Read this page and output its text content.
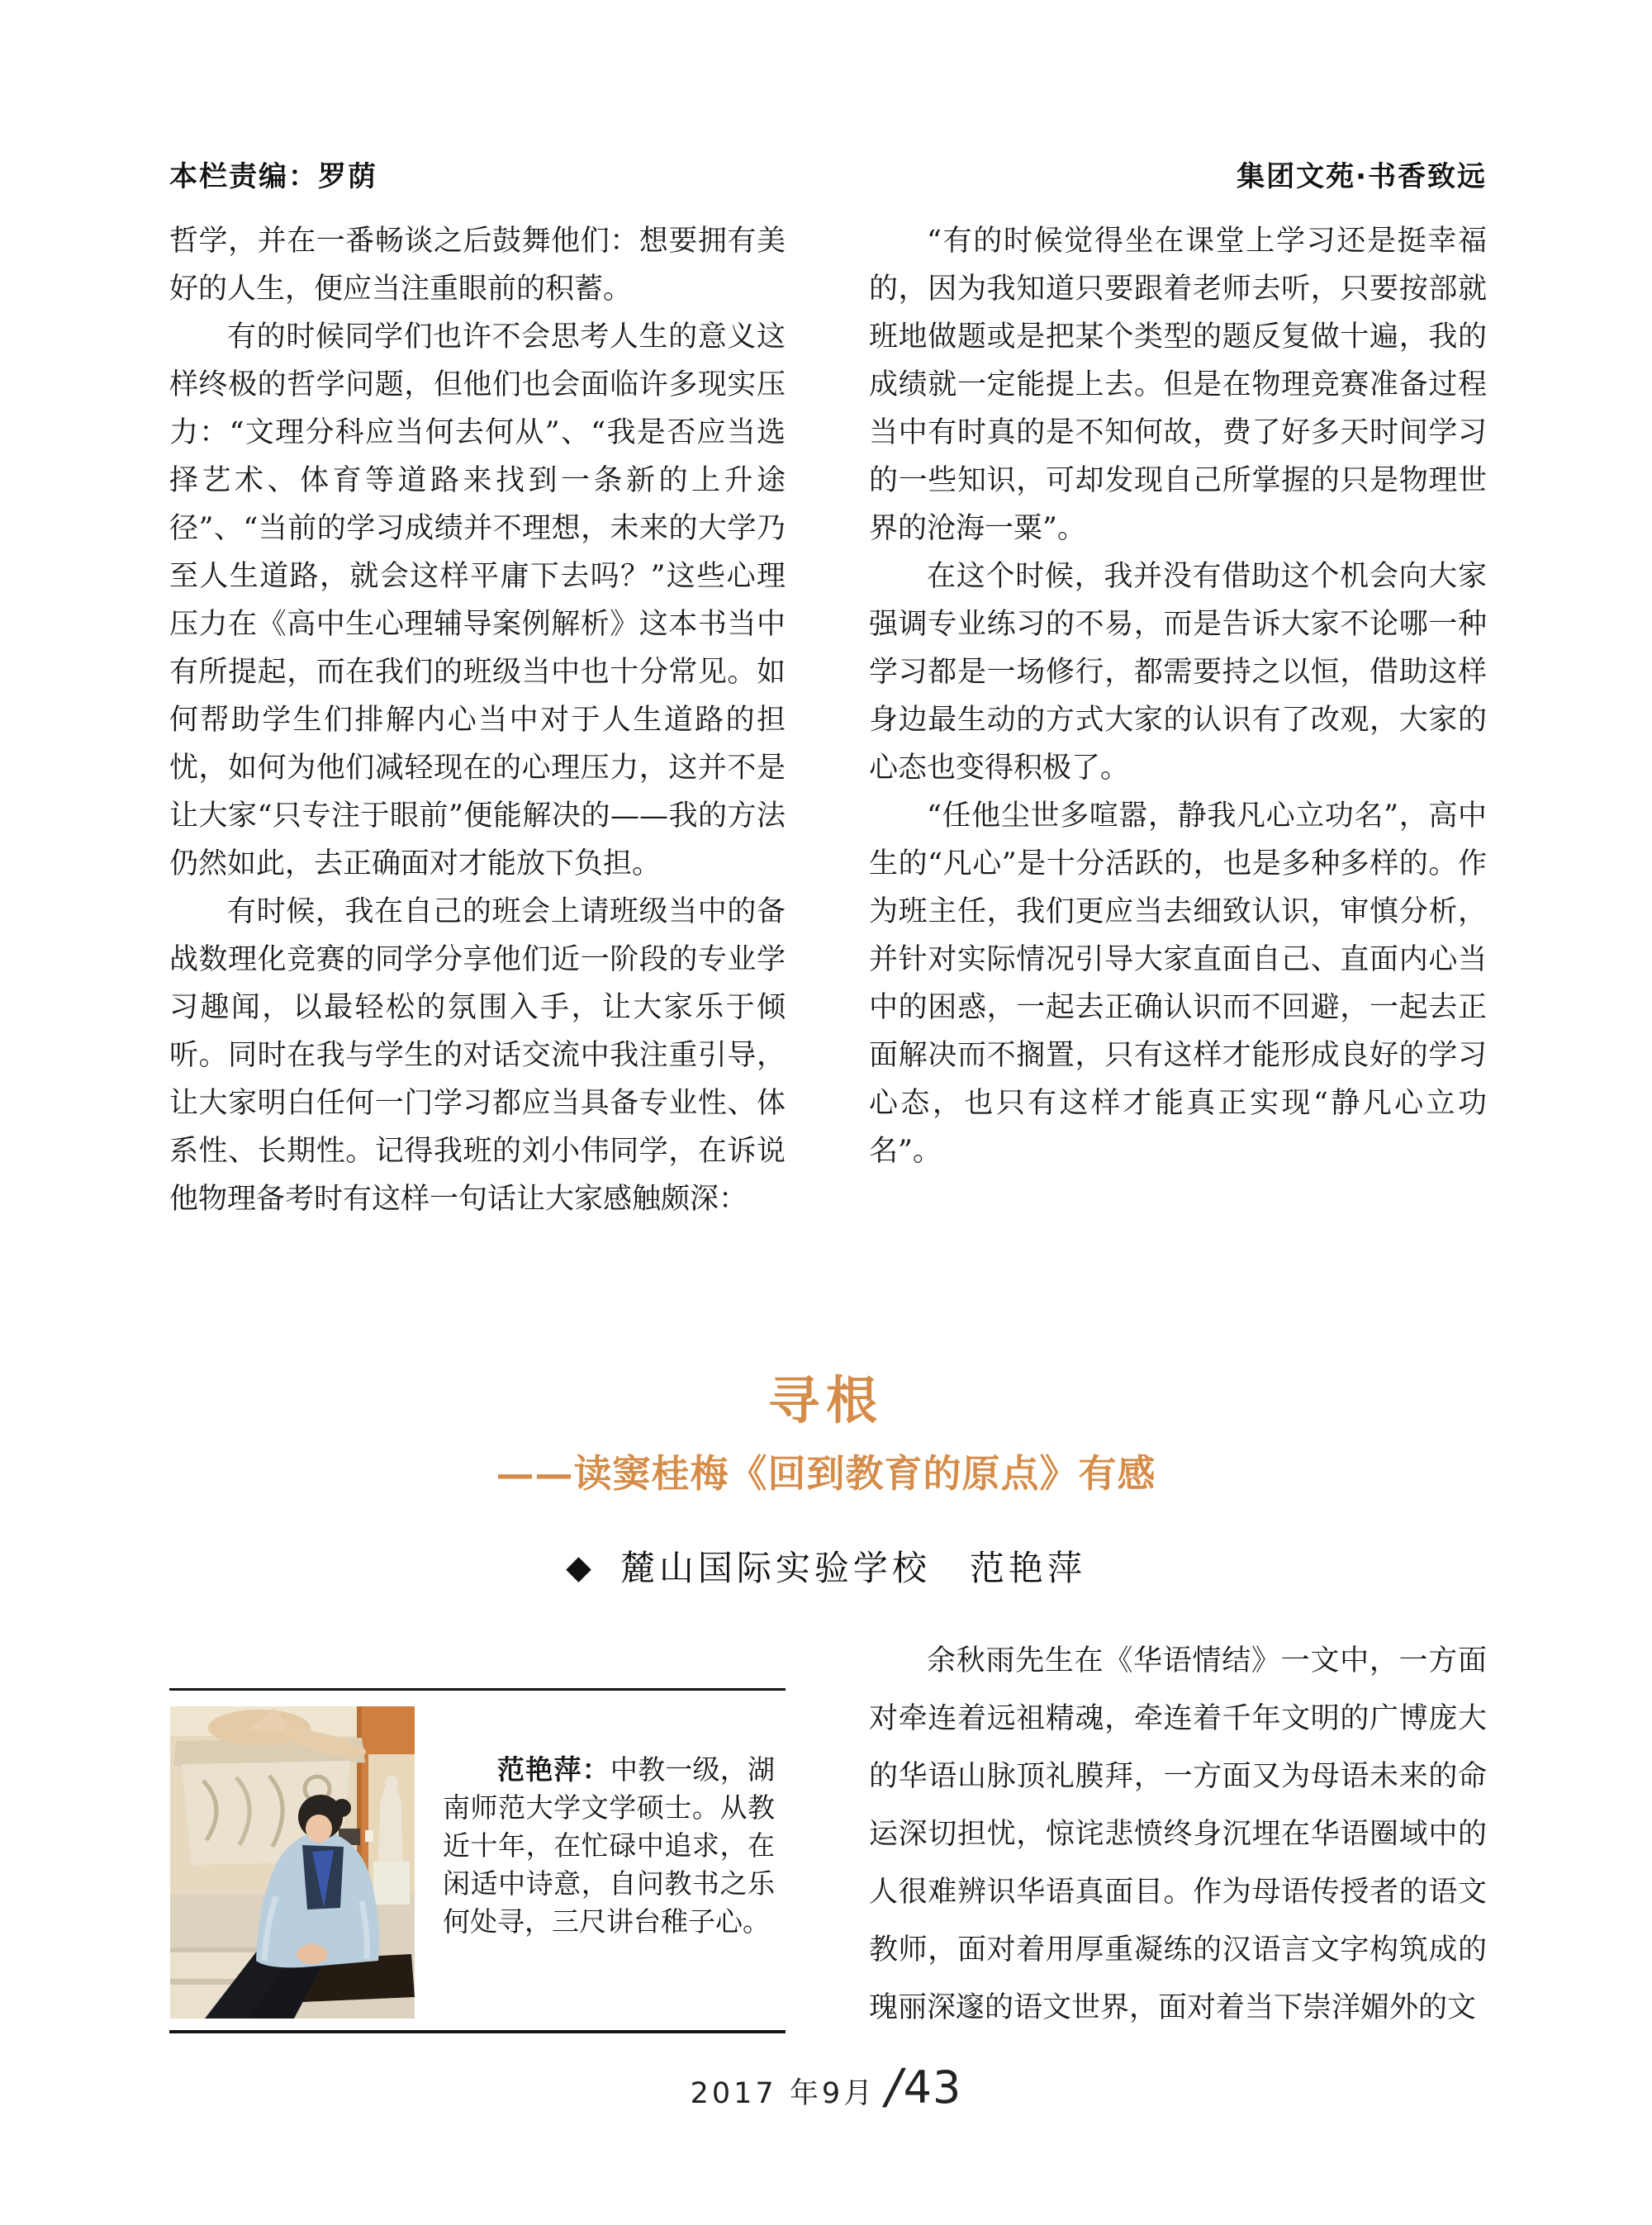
本栏责编：罗荫	集团文苑·书香致远

哲学，并在一番畅谈之后鼓舞他们：想要拥有美好的人生，便应当注重眼前的积蓄。

有的时候同学们也许不会思考人生的意义这样终极的哲学问题，但他们也会面临许多现实压力：“文理分科应当何去何从”、“我是否应当选择艺术、体育等道路来找到一条新的上升途径”、“当前的学习成绩并不理想，未来的大学乃至人生道路，就会这样平庸下去吗？”这些心理压力在《高中生心理辅导案例解析》这本书当中有所提起，而在我们的班级当中也十分常见。如何帮助学生们排解内心当中对于人生道路的担忧，如何为他们减轻现在的心理压力，这并不是让大家“只专注于眼前”便能解决的——我的方法仍然如此，去正确面对才能放下负担。

有时候，我在自己的班会上请班级当中的备战数理化竞赛的同学分享他们近一阶段的专业学习趣闻，以最轻松的氛围入手，让大家乐于倾听。同时在我与学生的对话交流中我注重引导，让大家明白任何一门学习都应当具备专业性、体系性、长期性。记得我班的刘小伟同学，在诉说他物理备考时有这样一句话让大家感触颇深：

“有的时候觉得坐在课堂上学习还是挺幸福的，因为我知道只要跟着老师去听，只要按部就班地做题或是把某个类型的题反复做十遍，我的成绩就一定能提上去。但是在物理竞赛准备过程当中有时真的是不知何故，费了好多天时间学习的一些知识，可却发现自己所掌握的只是物理世界的沧海一粟”。

在这个时候，我并没有借助这个机会向大家强调专业练习的不易，而是告诉大家不论哪一种学习都是一场修行，都需要持之以恒，借助这样身边最生动的方式大家的认识有了改观，大家的心态也变得积极了。

“任他尘世多喧嚣，静我凡心立功名”，高中生的“凡心”是十分活跃的，也是多种多样的。作为班主任，我们更应当去细致认识，审慎分析，并针对实际情况引导大家直面自己、直面内心当中的困惑，一起去正确认识而不回避，一起去正面解决而不搁置，只有这样才能形成良好的学习心态，也只有这样才能真正实现“静凡心立功名”。

寻根
——读窦桂梅《回到教育的原点》有感
◆ 麓山国际实验学校　范艳萍

范艳萍：中教一级，湖南师范大学文学硕士。从教近十年，在忙碌中追求，在闲适中诗意，自问教书之乐何处寻，三尺讲台稚子心。

余秋雨先生在《华语情结》一文中，一方面对牵连着远祖精魂，牵连着千年文明的广博庞大的华语山脉顶礼膜拜，一方面又为母语未来的命运深切担忧，惊诧悲愤终身沉埋在华语圈域中的人很难辨识华语真面目。作为母语传授者的语文教师，面对着用厚重凝练的汉语言文字构筑成的瑰丽深邃的语文世界，面对着当下崇洋媚外的文

2017 年9月 / 43
